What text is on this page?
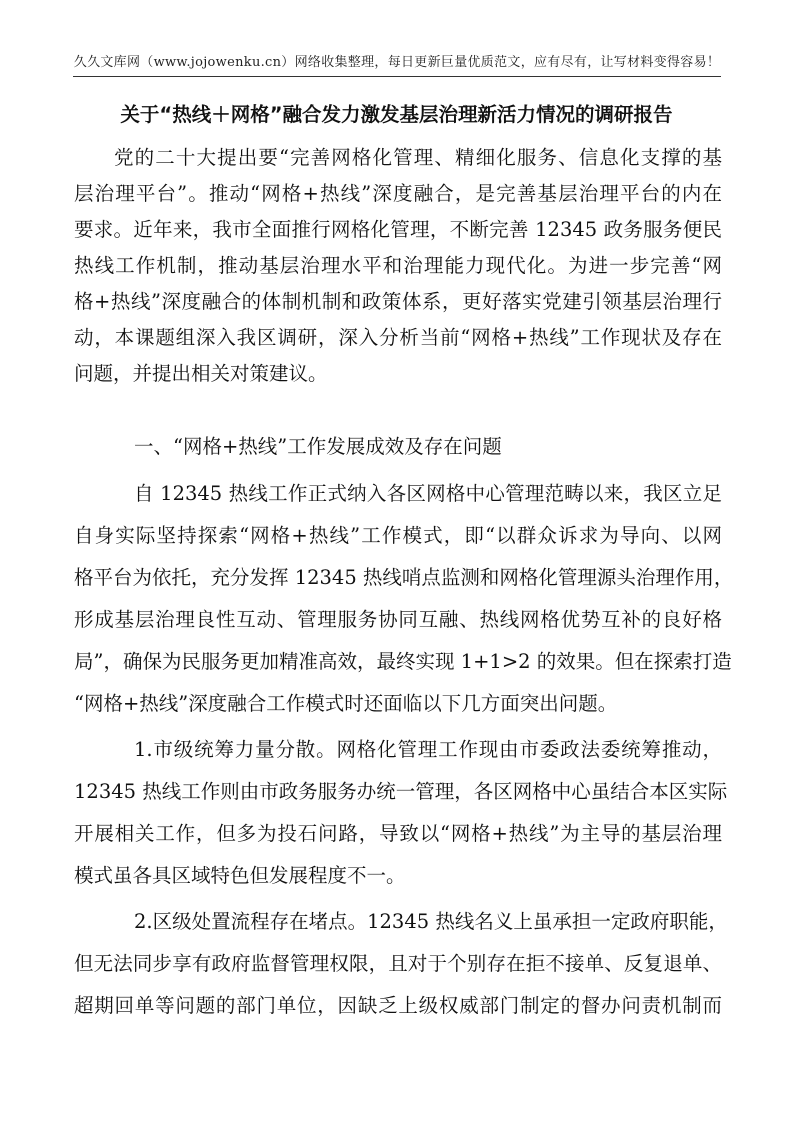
久久文库网（www.jojowenku.cn）网络收集整理，每日更新巨量优质范文，应有尽有，让写材料变得容易！
关于“热线＋网格”融合发力激发基层治理新活力情况的调研报告
党的二十大提出要“完善网格化管理、精细化服务、信息化支撑的基
层治理平台”。推动“网格+热线”深度融合，是完善基层治理平台的内在
要求。近年来，我市全面推行网格化管理，不断完善 12345 政务服务便民
热线工作机制，推动基层治理水平和治理能力现代化。为进一步完善“网
格+热线”深度融合的体制机制和政策体系，更好落实党建引领基层治理行
动，本课题组深入我区调研，深入分析当前“网格+热线”工作现状及存在
问题，并提出相关对策建议。
一、“网格+热线”工作发展成效及存在问题
自 12345 热线工作正式纳入各区网格中心管理范畴以来，我区立足
自身实际坚持探索“网格+热线”工作模式，即“以群众诉求为导向、以网
格平台为依托，充分发挥 12345 热线哨点监测和网格化管理源头治理作用，
形成基层治理良性互动、管理服务协同互融、热线网格优势互补的良好格
局”，确保为民服务更加精准高效，最终实现 1+1>2 的效果。但在探索打造
“网格+热线”深度融合工作模式时还面临以下几方面突出问题。
1.市级统筹力量分散。网格化管理工作现由市委政法委统筹推动，
12345 热线工作则由市政务服务办统一管理，各区网格中心虽结合本区实际
开展相关工作，但多为投石问路，导致以“网格+热线”为主导的基层治理
模式虽各具区域特色但发展程度不一。
2.区级处置流程存在堵点。12345 热线名义上虽承担一定政府职能，
但无法同步享有政府监督管理权限，且对于个别存在拒不接单、反复退单、
超期回单等问题的部门单位，因缺乏上级权威部门制定的督办问责机制而
